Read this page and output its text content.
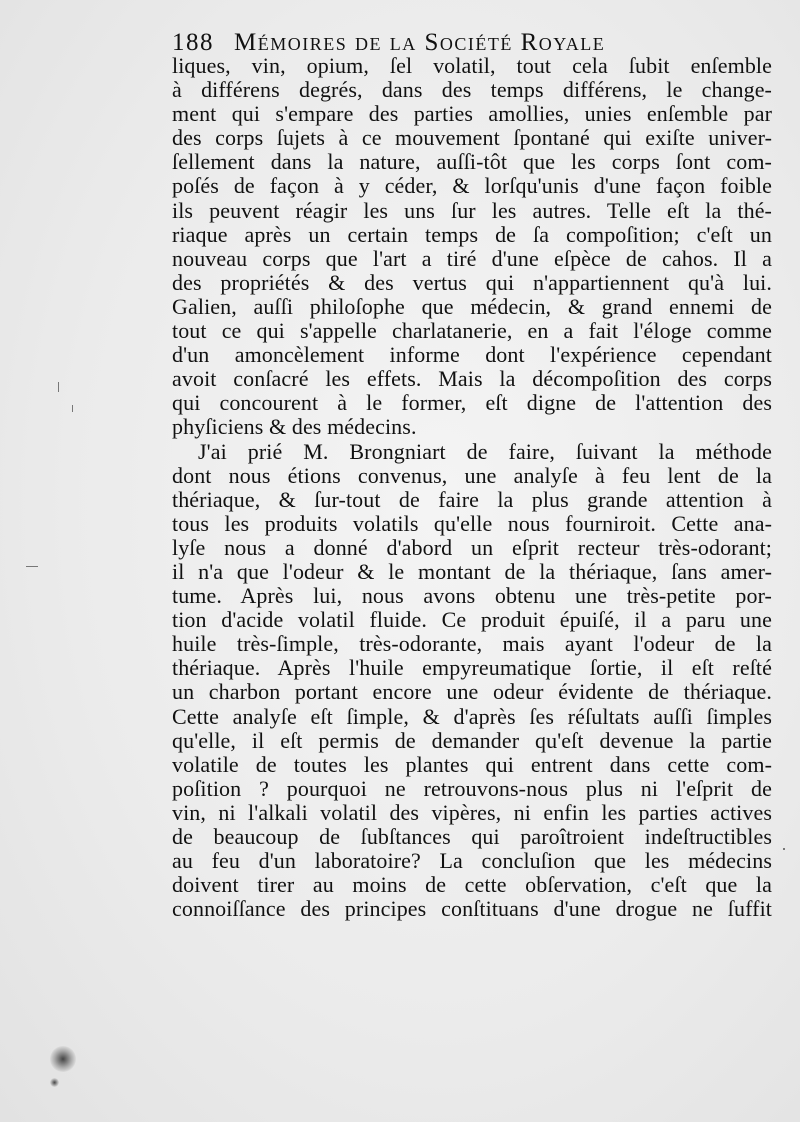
188 Mémoires de la Société Royale
liques, vin, opium, ſel volatil, tout cela ſubit enſemble
à différens degrés, dans des temps différens, le change-
ment qui s'empare des parties amollies, unies enſemble par
des corps ſujets à ce mouvement ſpontané qui exiſte univer-
ſellement dans la nature, auſſi-tôt que les corps ſont com-
poſés de façon à y céder, & lorſqu'unis d'une façon foible
ils peuvent réagir les uns ſur les autres. Telle eſt la thé-
riaque après un certain temps de ſa compoſition; c'eſt un
nouveau corps que l'art a tiré d'une eſpèce de cahos. Il a
des propriétés & des vertus qui n'appartiennent qu'à lui.
Galien, auſſi philoſophe que médecin, & grand ennemi de
tout ce qui s'appelle charlatanerie, en a fait l'éloge comme
d'un amoncèlement informe dont l'expérience cependant
avoit conſacré les effets. Mais la décompoſition des corps
qui concourent à le former, eſt digne de l'attention des
phyſiciens & des médecins.
J'ai prié M. Brongniart de faire, ſuivant la méthode
dont nous étions convenus, une analyſe à feu lent de la
thériaque, & ſur-tout de faire la plus grande attention à
tous les produits volatils qu'elle nous fourniroit. Cette ana-
lyſe nous a donné d'abord un eſprit recteur très-odorant;
il n'a que l'odeur & le montant de la thériaque, ſans amer-
tume. Après lui, nous avons obtenu une très-petite por-
tion d'acide volatil fluide. Ce produit épuiſé, il a paru une
huile très-ſimple, très-odorante, mais ayant l'odeur de la
thériaque. Après l'huile empyreumatique ſortie, il eſt reſté
un charbon portant encore une odeur évidente de thériaque.
Cette analyſe eſt ſimple, & d'après ſes réſultats auſſi ſimples
qu'elle, il eſt permis de demander qu'eſt devenue la partie
volatile de toutes les plantes qui entrent dans cette com-
poſition ? pourquoi ne retrouvons-nous plus ni l'eſprit de
vin, ni l'alkali volatil des vipères, ni enfin les parties actives
de beaucoup de ſubſtances qui paroîtroient indeſtructibles
au feu d'un laboratoire? La concluſion que les médecins
doivent tirer au moins de cette obſervation, c'eſt que la
connoiſſance des principes conſtituans d'une drogue ne ſuffit
